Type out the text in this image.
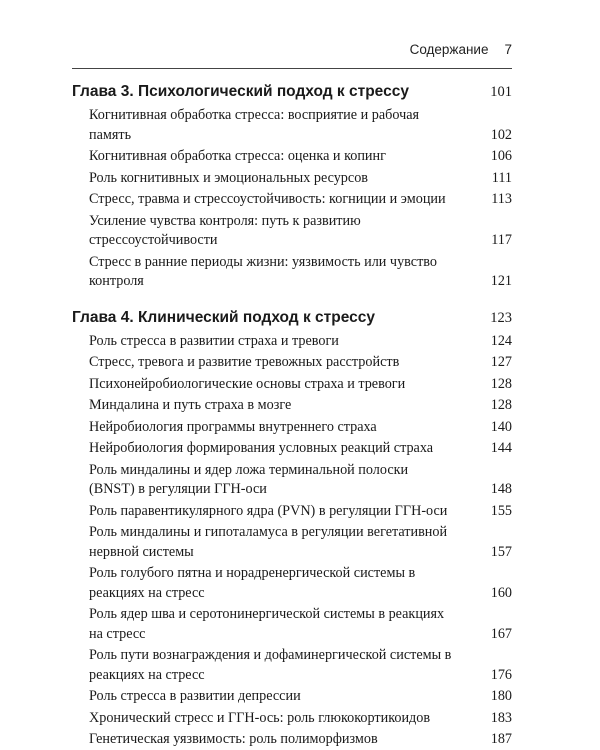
Содержание 7
Глава 3. Психологический подход к стрессу	101
Когнитивная обработка стресса: восприятие и рабочая память	102
Когнитивная обработка стресса: оценка и копинг	106
Роль когнитивных и эмоциональных ресурсов	111
Стресс, травма и стрессоустойчивость: когниции и эмоции	113
Усиление чувства контроля: путь к развитию стрессоустойчивости	117
Стресс в ранние периоды жизни: уязвимость или чувство контроля	121
Глава 4. Клинический подход к стрессу	123
Роль стресса в развитии страха и тревоги	124
Стресс, тревога и развитие тревожных расстройств	127
Психонейробиологические основы страха и тревоги	128
Миндалина и путь страха в мозге	128
Нейробиология программы внутреннего страха	140
Нейробиология формирования условных реакций страха	144
Роль миндалины и ядер ложа терминальной полоски (BNST) в регуляции ГГН-оси	148
Роль паравентикулярного ядра (PVN) в регуляции ГГН-оси	155
Роль миндалины и гипоталамуса в регуляции вегетативной нервной системы	157
Роль голубого пятна и норадренергической системы в реакциях на стресс	160
Роль ядер шва и серотонинергической системы в реакциях на стресс	167
Роль пути вознаграждения и дофаминергической системы в реакциях на стресс	176
Роль стресса в развитии депрессии	180
Хронический стресс и ГГН-ось: роль глюкокортикоидов	183
Генетическая уязвимость: роль полиморфизмов	187
